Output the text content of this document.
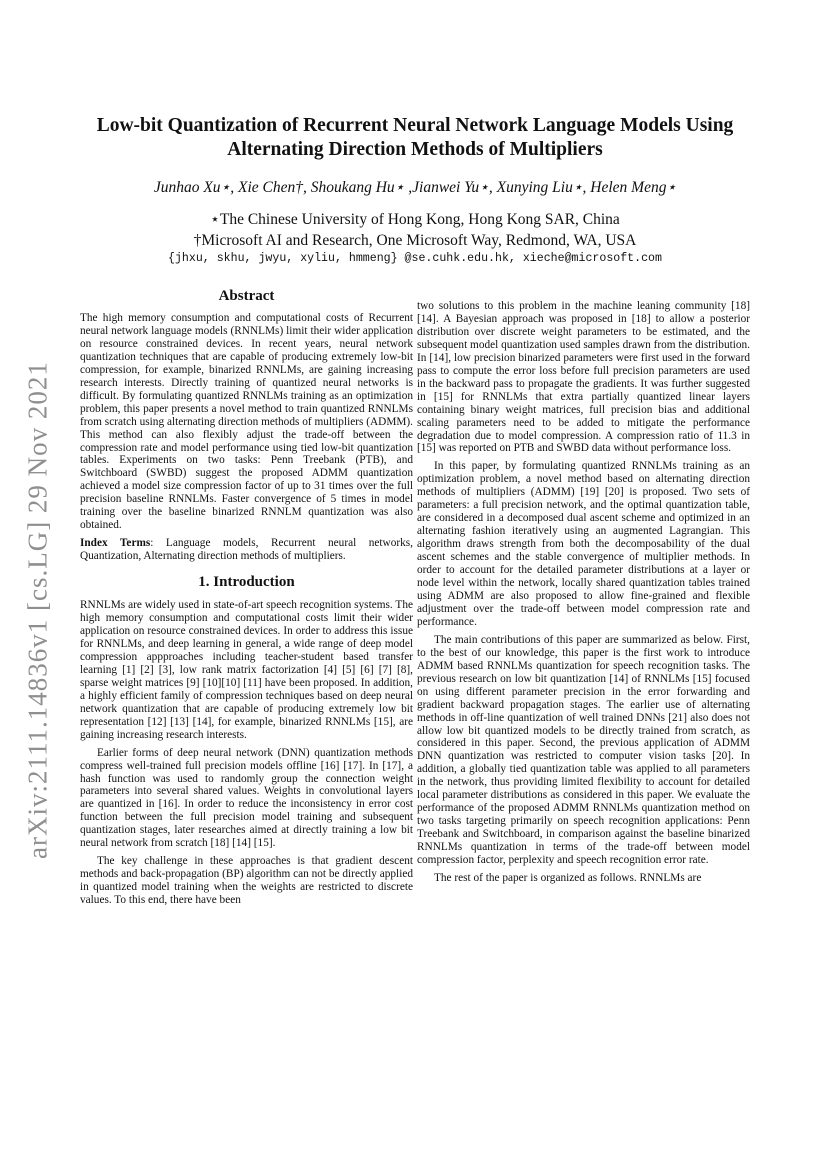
arXiv:2111.14836v1 [cs.LG] 29 Nov 2021
Low-bit Quantization of Recurrent Neural Network Language Models Using
Alternating Direction Methods of Multipliers
Junhao Xu⋆, Xie Chen†, Shoukang Hu⋆ ,Jianwei Yu⋆, Xunying Liu⋆, Helen Meng⋆
⋆The Chinese University of Hong Kong, Hong Kong SAR, China
†Microsoft AI and Research, One Microsoft Way, Redmond, WA, USA
{jhxu, skhu, jwyu, xyliu, hmmeng} @se.cuhk.edu.hk, xieche@microsoft.com
Abstract

The high memory consumption and computational costs of Recurrent neural network language models (RNNLMs) limit their wider application on resource constrained devices. In recent years, neural network quantization techniques that are capable of producing extremely low-bit compression, for example, binarized RNNLMs, are gaining increasing research interests. Directly training of quantized neural networks is difficult. By formulating quantized RNNLMs training as an optimization problem, this paper presents a novel method to train quantized RNNLMs from scratch using alternating direction methods of multipliers (ADMM). This method can also flexibly adjust the trade-off between the compression rate and model performance using tied low-bit quantization tables. Experiments on two tasks: Penn Treebank (PTB), and Switchboard (SWBD) suggest the proposed ADMM quantization achieved a model size compression factor of up to 31 times over the full precision baseline RNNLMs. Faster convergence of 5 times in model training over the baseline binarized RNNLM quantization was also obtained.

Index Terms: Language models, Recurrent neural networks, Quantization, Alternating direction methods of multipliers.

1. Introduction

RNNLMs are widely used in state-of-art speech recognition systems. The high memory consumption and computational costs limit their wider application on resource constrained devices. In order to address this issue for RNNLMs, and deep learning in general, a wide range of deep model compression appproaches including teacher-student based transfer learning [1] [2] [3], low rank matrix factorization [4] [5] [6] [7] [8], sparse weight matrices [9] [10][10] [11] have been proposed. In addition, a highly efficient family of compression techniques based on deep neural network quantization that are capable of producing extremely low bit representation [12] [13] [14], for example, binarized RNNLMs [15], are gaining increasing research interests.

Earlier forms of deep neural network (DNN) quantization methods compress well-trained full precision models offline [16] [17]. In [17], a hash function was used to randomly group the connection weight parameters into several shared values. Weights in convolutional layers are quantized in [16]. In order to reduce the inconsistency in error cost function between the full precision model training and subsequent quantization stages, later researches aimed at directly training a low bit neural network from scratch [18] [14] [15].

The key challenge in these approaches is that gradient descent methods and back-propagation (BP) algorithm can not be directly applied in quantized model training when the weights are restricted to discrete values. To this end, there have been

two solutions to this problem in the machine leaning community [18] [14]. A Bayesian approach was proposed in [18] to allow a posterior distribution over discrete weight parameters to be estimated, and the subsequent model quantization used samples drawn from the distribution. In [14], low precision binarized parameters were first used in the forward pass to compute the error loss before full precision parameters are used in the backward pass to propagate the gradients. It was further suggested in [15] for RNNLMs that extra partially quantized linear layers containing binary weight matrices, full precision bias and additional scaling parameters need to be added to mitigate the performance degradation due to model compression. A compression ratio of 11.3 in [15] was reported on PTB and SWBD data without performance loss.

In this paper, by formulating quantized RNNLMs training as an optimization problem, a novel method based on alternating direction methods of multipliers (ADMM) [19] [20] is proposed. Two sets of parameters: a full precision network, and the optimal quantization table, are considered in a decomposed dual ascent scheme and optimized in an alternating fashion iteratively using an augmented Lagrangian. This algorithm draws strength from both the decomposability of the dual ascent schemes and the stable convergence of multiplier methods. In order to account for the detailed parameter distributions at a layer or node level within the network, locally shared quantization tables trained using ADMM are also proposed to allow fine-grained and flexible adjustment over the trade-off between model compression rate and performance.

The main contributions of this paper are summarized as below. First, to the best of our knowledge, this paper is the first work to introduce ADMM based RNNLMs quantization for speech recognition tasks. The previous research on low bit quantization [14] of RNNLMs [15] focused on using different parameter precision in the error forwarding and gradient backward propagation stages. The earlier use of alternating methods in off-line quantization of well trained DNNs [21] also does not allow low bit quantized models to be directly trained from scratch, as considered in this paper. Second, the previous application of ADMM DNN quantization was restricted to computer vision tasks [20]. In addition, a globally tied quantization table was applied to all parameters in the network, thus providing limited flexibility to account for detailed local parameter distributions as considered in this paper. We evaluate the performance of the proposed ADMM RNNLMs quantization method on two tasks targeting primarily on speech recognition applications: Penn Treebank and Switchboard, in comparison against the baseline binarized RNNLMs quantization in terms of the trade-off between model compression factor, perplexity and speech recognition error rate.

The rest of the paper is organized as follows. RNNLMs are
